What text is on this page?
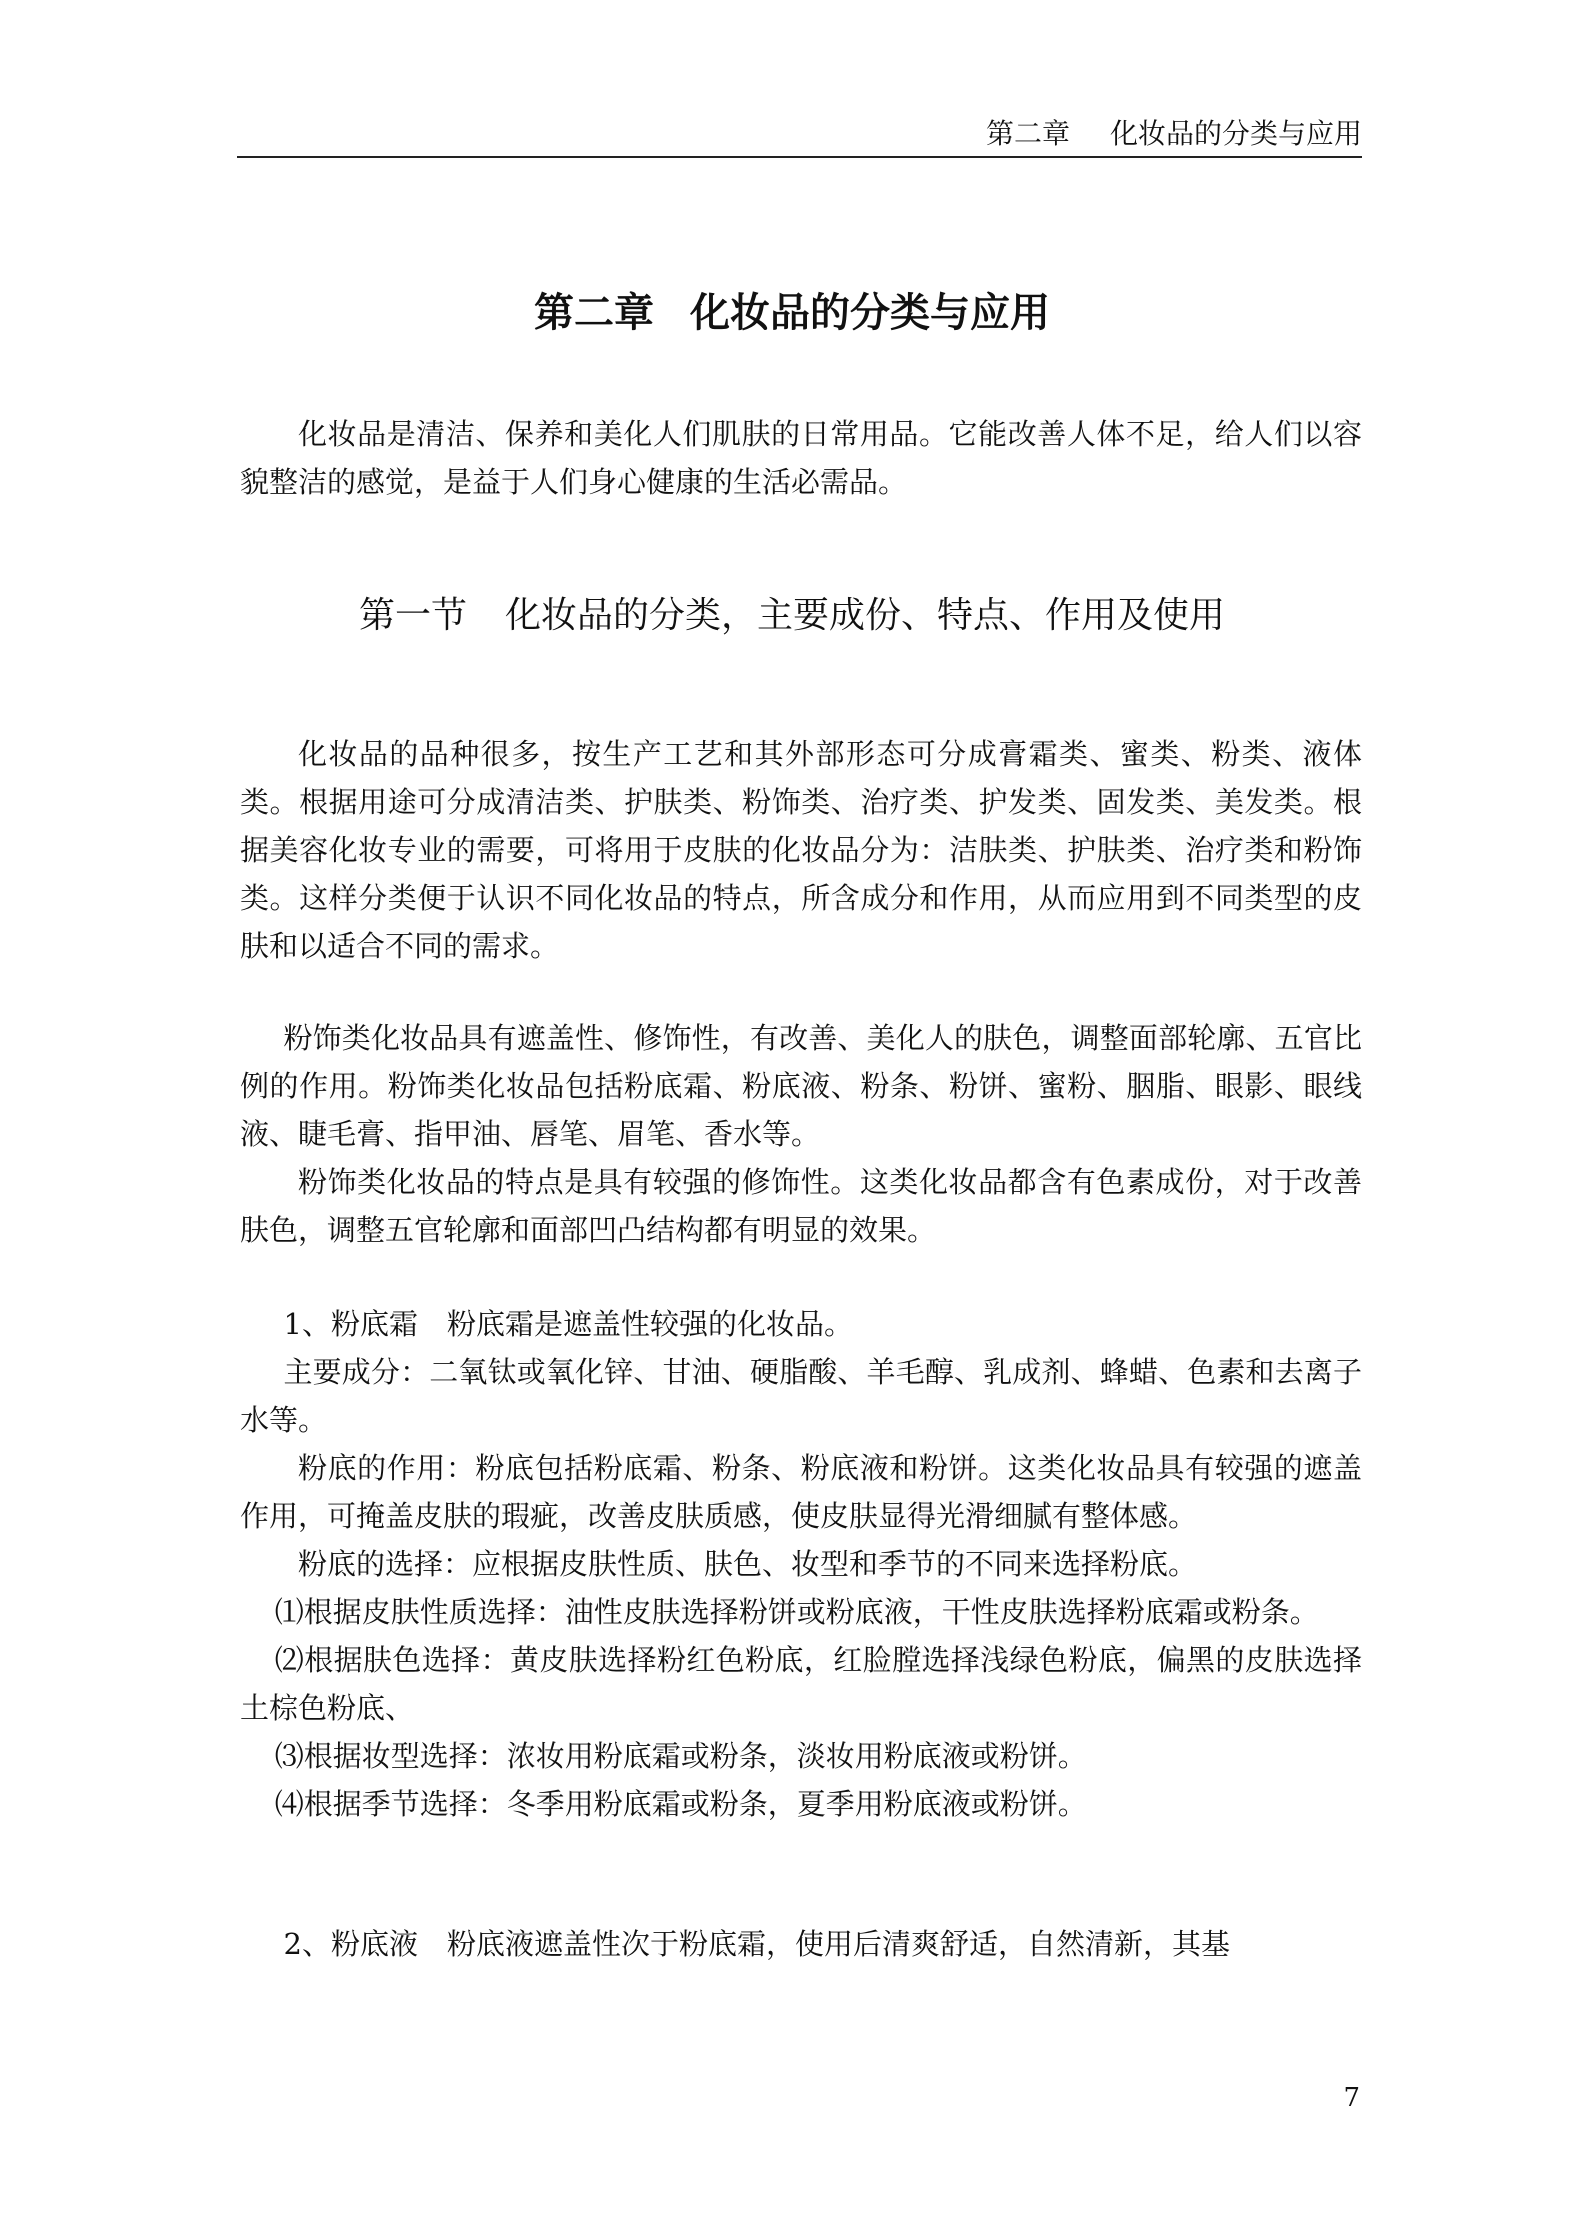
第二章 化妆品的分类与应用
第二章 化妆品的分类与应用

化妆品是清洁、保养和美化人们肌肤的日常用品。它能改善人体不足，给人们以容貌整洁的感觉，是益于人们身心健康的生活必需品。

第一节 化妆品的分类，主要成份、特点、作用及使用

化妆品的品种很多，按生产工艺和其外部形态可分成膏霜类、蜜类、粉类、液体类。根据用途可分成清洁类、护肤类、粉饰类、治疗类、护发类、固发类、美发类。根据美容化妆专业的需要，可将用于皮肤的化妆品分为：洁肤类、护肤类、治疗类和粉饰类。这样分类便于认识不同化妆品的特点，所含成分和作用，从而应用到不同类型的皮肤和以适合不同的需求。

粉饰类化妆品具有遮盖性、修饰性，有改善、美化人的肤色，调整面部轮廓、五官比例的作用。粉饰类化妆品包括粉底霜、粉底液、粉条、粉饼、蜜粉、胭脂、眼影、眼线液、睫毛膏、指甲油、唇笔、眉笔、香水等。

粉饰类化妆品的特点是具有较强的修饰性。这类化妆品都含有色素成份，对于改善肤色，调整五官轮廓和面部凹凸结构都有明显的效果。

1、粉底霜　粉底霜是遮盖性较强的化妆品。

主要成分：二氧钛或氧化锌、甘油、硬脂酸、羊毛醇、乳成剂、蜂蜡、色素和去离子水等。

粉底的作用：粉底包括粉底霜、粉条、粉底液和粉饼。这类化妆品具有较强的遮盖作用，可掩盖皮肤的瑕疵，改善皮肤质感，使皮肤显得光滑细腻有整体感。

粉底的选择：应根据皮肤性质、肤色、妆型和季节的不同来选择粉底。

⑴根据皮肤性质选择：油性皮肤选择粉饼或粉底液，干性皮肤选择粉底霜或粉条。

⑵根据肤色选择：黄皮肤选择粉红色粉底，红脸膛选择浅绿色粉底，偏黑的皮肤选择土棕色粉底、

⑶根据妆型选择：浓妆用粉底霜或粉条，淡妆用粉底液或粉饼。

⑷根据季节选择：冬季用粉底霜或粉条，夏季用粉底液或粉饼。

2、粉底液　粉底液遮盖性次于粉底霜，使用后清爽舒适，自然清新，其基

7
